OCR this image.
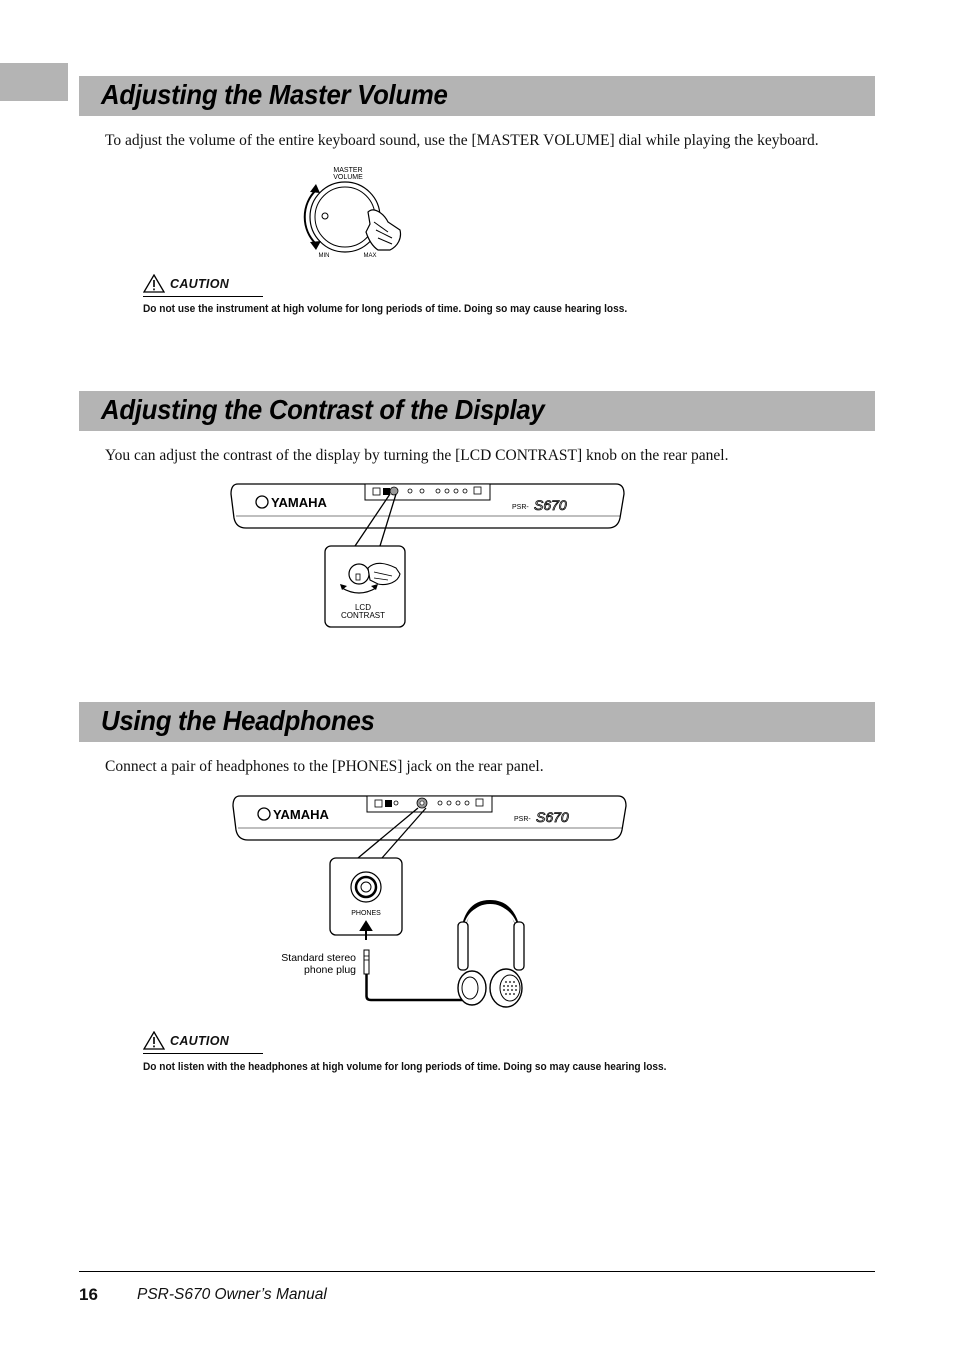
Adjusting the Master Volume

To adjust the volume of the entire keyboard sound, use the [MASTER VOLUME] dial while playing the keyboard.

MASTER
VOLUME
MIN	MAX
CAUTION

Do not use the instrument at high volume for long periods of time. Doing so may cause hearing loss.

Adjusting the Contrast of the Display

You can adjust the contrast of the display by turning the [LCD CONTRAST] knob on the rear panel.

YAMAHA	PSR- S670
LCD
CONTRAST
Using the Headphones

Connect a pair of headphones to the [PHONES] jack on the rear panel.

YAMAHA	PSR- S670
PHONES
Standard stereo
phone plug
CAUTION

Do not listen with the headphones at high volume for long periods of time. Doing so may cause hearing loss.

16	PSR-S670 Owner’s Manual
